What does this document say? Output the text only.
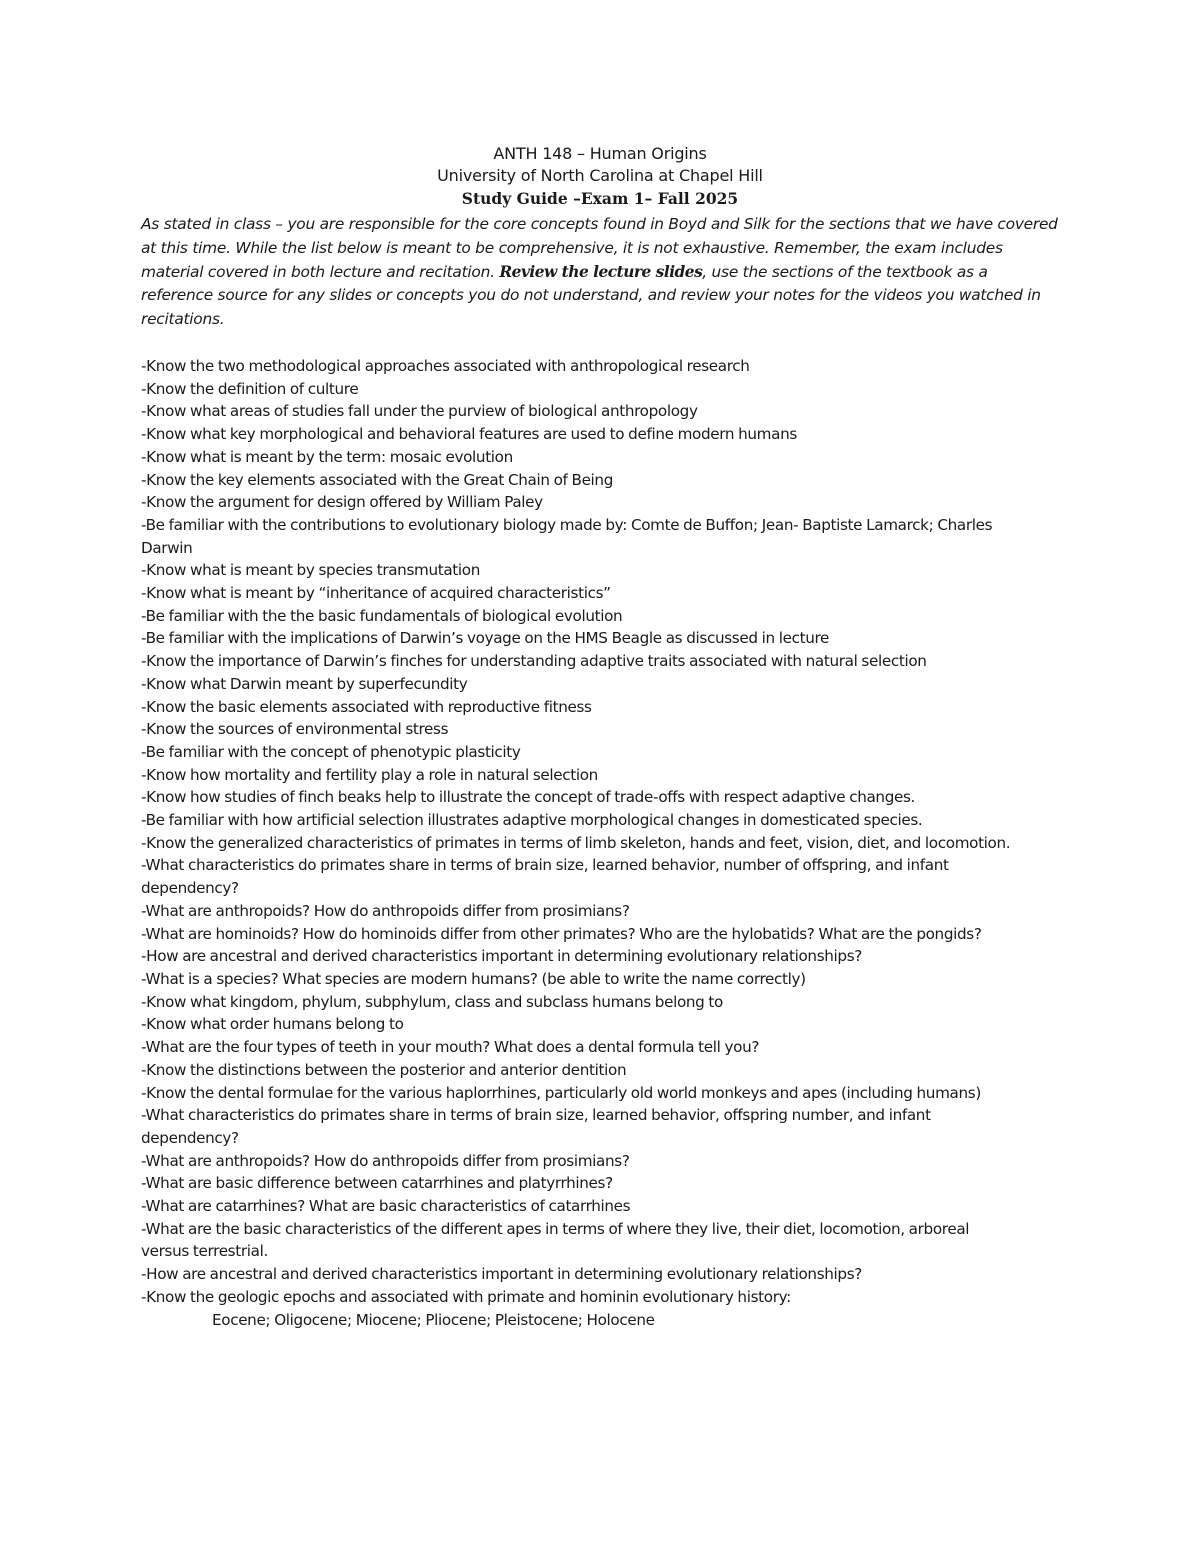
ANTH 148 – Human Origins
University of North Carolina at Chapel Hill
Study Guide –Exam 1– Fall 2025
As stated in class – you are responsible for the core concepts found in Boyd and Silk for the sections that we have covered at this time. While the list below is meant to be comprehensive, it is not exhaustive. Remember, the exam includes material covered in both lecture and recitation. Review the lecture slides, use the sections of the textbook as a reference source for any slides or concepts you do not understand, and review your notes for the videos you watched in recitations.
-Know the two methodological approaches associated with anthropological research
-Know the definition of culture
-Know what areas of studies fall under the purview of biological anthropology
-Know what key morphological and behavioral features are used to define modern humans
-Know what is meant by the term: mosaic evolution
-Know the key elements associated with the Great Chain of Being
-Know the argument for design offered by William Paley
-Be familiar with the contributions to evolutionary biology made by: Comte de Buffon; Jean- Baptiste Lamarck; Charles Darwin
-Know what is meant by species transmutation
-Know what is meant by “inheritance of acquired characteristics”
-Be familiar with the the basic fundamentals of biological evolution
-Be familiar with the implications of Darwin’s voyage on the HMS Beagle as discussed in lecture
-Know the importance of Darwin’s finches for understanding adaptive traits associated with natural selection
-Know what Darwin meant by superfecundity
-Know the basic elements associated with reproductive fitness
-Know the sources of environmental stress
-Be familiar with the concept of phenotypic plasticity
-Know how mortality and fertility play a role in natural selection
-Know how studies of finch beaks help to illustrate the concept of trade-offs with respect adaptive changes.
-Be familiar with how artificial selection illustrates adaptive morphological changes in domesticated species.
-Know the generalized characteristics of primates in terms of limb skeleton, hands and feet, vision, diet, and locomotion.
-What characteristics do primates share in terms of brain size, learned behavior, number of offspring, and infant dependency?
-What are anthropoids? How do anthropoids differ from prosimians?
-What are hominoids? How do hominoids differ from other primates? Who are the hylobatids? What are the pongids?
-How are ancestral and derived characteristics important in determining evolutionary relationships?
-What is a species? What species are modern humans? (be able to write the name correctly)
-Know what kingdom, phylum, subphylum, class and subclass humans belong to
-Know what order humans belong to
-What are the four types of teeth in your mouth? What does a dental formula tell you?
-Know the distinctions between the posterior and anterior dentition
-Know the dental formulae for the various haplorrhines, particularly old world monkeys and apes (including humans)
-What characteristics do primates share in terms of brain size, learned behavior, offspring number, and infant dependency?
-What are anthropoids? How do anthropoids differ from prosimians?
-What are basic difference between catarrhines and platyrrhines?
-What are catarrhines? What are basic characteristics of catarrhines
-What are the basic characteristics of the different apes in terms of where they live, their diet, locomotion, arboreal versus terrestrial.
-How are ancestral and derived characteristics important in determining evolutionary relationships?
-Know the geologic epochs and associated with primate and hominin evolutionary history:
Eocene; Oligocene; Miocene; Pliocene; Pleistocene; Holocene
